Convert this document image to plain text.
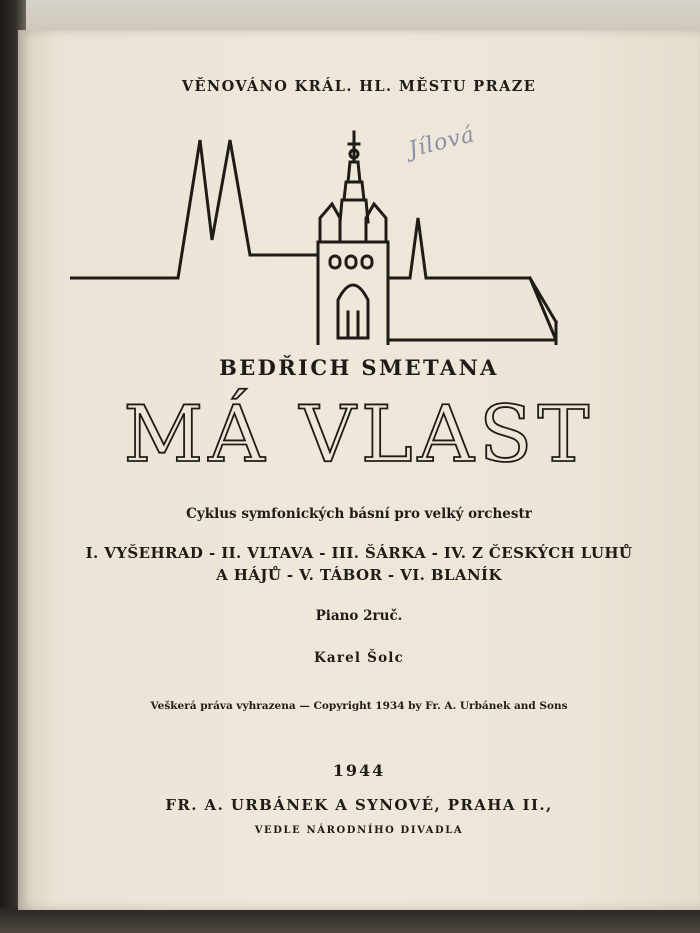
VĚNOVÁNO KRÁL. HL. MĚSTU PRAZE
Jílová
BEDŘICH SMETANA
MÁ VLAST
Cyklus symfonických básní pro velký orchestr
I. VYŠEHRAD - II. VLTAVA - III. ŠÁRKA - IV. Z ČESKÝCH LUHŮ
A HÁJŮ - V. TÁBOR - VI. BLANÍK
Piano 2ruč.
Karel Šolc
Veškerá práva vyhrazena — Copyright 1934 by Fr. A. Urbánek and Sons
1944
FR. A. URBÁNEK A SYNOVÉ, PRAHA II.,
VEDLE NÁRODNÍHO DIVADLA
